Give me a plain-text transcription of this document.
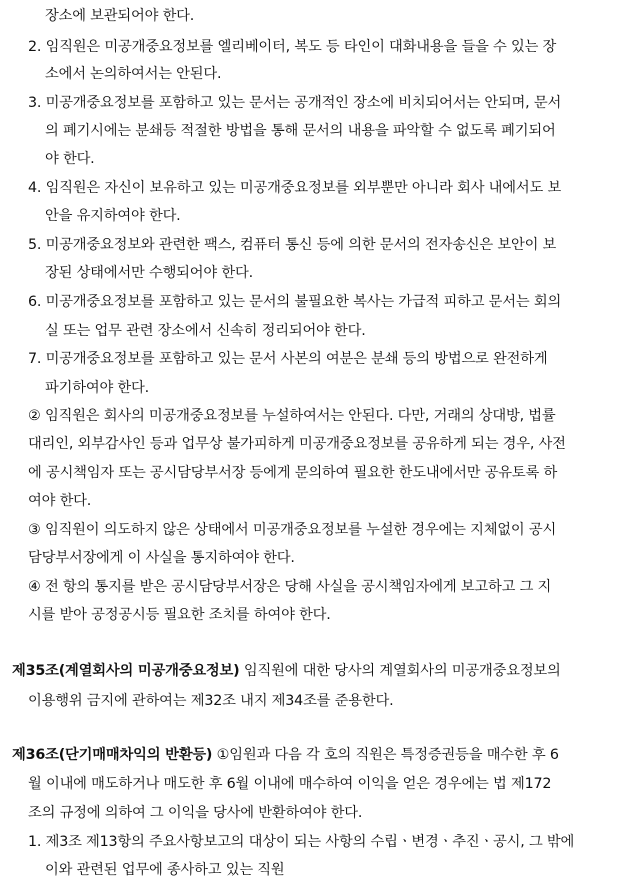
장소에 보관되어야 한다.
2. 임직원은 미공개중요정보를 엘리베이터, 복도 등 타인이 대화내용을 들을 수 있는 장
소에서 논의하여서는 안된다.
3. 미공개중요정보를 포함하고 있는 문서는 공개적인 장소에 비치되어서는 안되며, 문서
의 폐기시에는 분쇄등 적절한 방법을 통해 문서의 내용을 파악할 수 없도록 폐기되어
야 한다.
4. 임직원은 자신이 보유하고 있는 미공개중요정보를 외부뿐만 아니라 회사 내에서도 보
안을 유지하여야 한다.
5. 미공개중요정보와 관련한 팩스, 컴퓨터 통신 등에 의한 문서의 전자송신은 보안이 보
장된 상태에서만 수행되어야 한다.
6. 미공개중요정보를 포함하고 있는 문서의 불필요한 복사는 가급적 피하고 문서는 회의
실 또는 업무 관련 장소에서 신속히 정리되어야 한다.
7. 미공개중요정보를 포함하고 있는 문서 사본의 여분은 분쇄 등의 방법으로 완전하게
파기하여야 한다.
② 임직원은 회사의 미공개중요정보를 누설하여서는 안된다. 다만, 거래의 상대방, 법률
대리인, 외부감사인 등과 업무상 불가피하게 미공개중요정보를 공유하게 되는 경우, 사전
에 공시책임자 또는 공시담당부서장 등에게 문의하여 필요한 한도내에서만 공유토록 하
여야 한다.
③ 임직원이 의도하지 않은 상태에서 미공개중요정보를 누설한 경우에는 지체없이 공시
담당부서장에게 이 사실을 통지하여야 한다.
④ 전 항의 통지를 받은 공시담당부서장은 당해 사실을 공시책임자에게 보고하고 그 지
시를 받아 공정공시등 필요한 조치를 하여야 한다.
제35조(계열회사의 미공개중요정보) 임직원에 대한 당사의 계열회사의 미공개중요정보의
이용행위 금지에 관하여는 제32조 내지 제34조를 준용한다.
제36조(단기매매차익의 반환등) ①임원과 다음 각 호의 직원은 특정증권등을 매수한 후 6
월 이내에 매도하거나 매도한 후 6월 이내에 매수하여 이익을 얻은 경우에는 법 제172
조의 규정에 의하여 그 이익을 당사에 반환하여야 한다.
1. 제3조 제13항의 주요사항보고의 대상이 되는 사항의 수립ㆍ변경ㆍ추진ㆍ공시, 그 밖에
이와 관련된 업무에 종사하고 있는 직원
